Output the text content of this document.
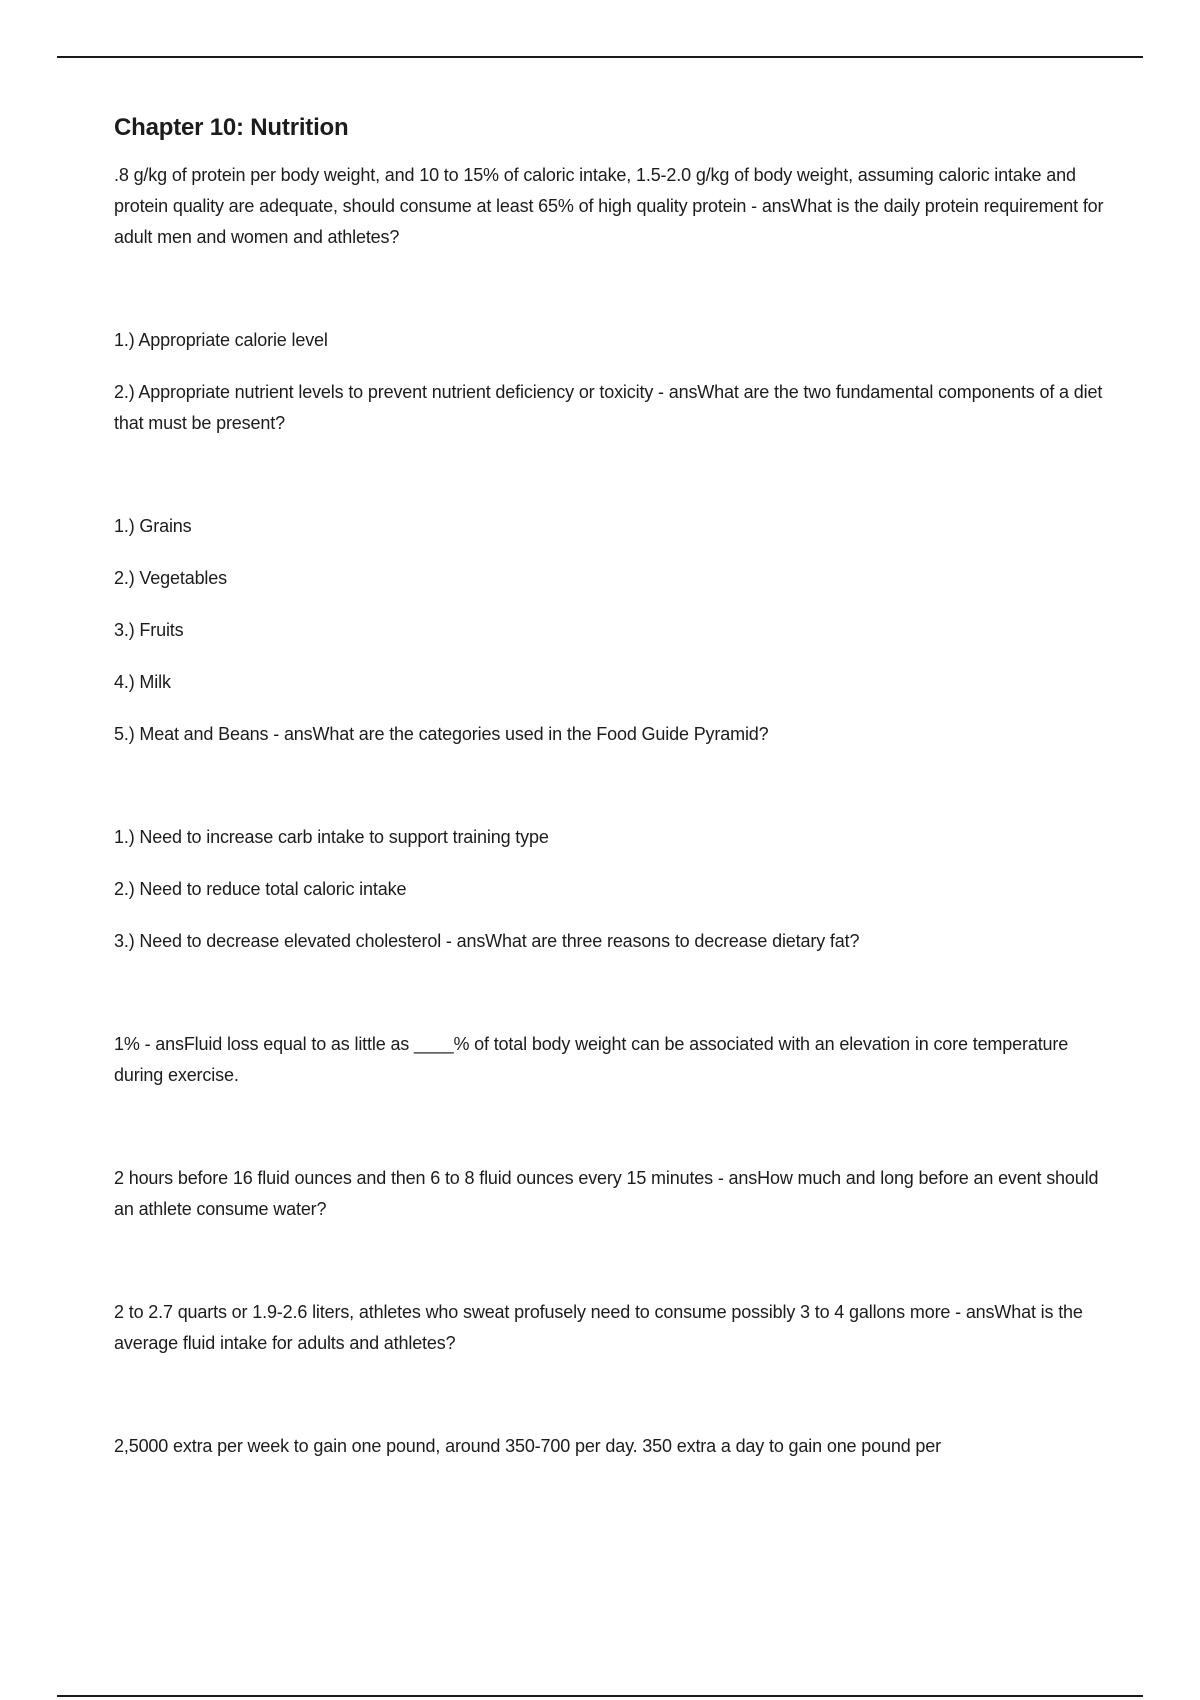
Chapter 10: Nutrition

.8 g/kg of protein per body weight, and 10 to 15% of caloric intake, 1.5-2.0 g/kg of body weight, assuming caloric intake and protein quality are adequate, should consume at least 65% of high quality protein - ansWhat is the daily protein requirement for adult men and women and athletes?

1.) Appropriate calorie level

2.) Appropriate nutrient levels to prevent nutrient deficiency or toxicity - ansWhat are the two fundamental components of a diet that must be present?

1.) Grains

2.) Vegetables

3.) Fruits

4.) Milk

5.) Meat and Beans - ansWhat are the categories used in the Food Guide Pyramid?

1.) Need to increase carb intake to support training type

2.) Need to reduce total caloric intake

3.) Need to decrease elevated cholesterol - ansWhat are three reasons to decrease dietary fat?

1% - ansFluid loss equal to as little as ____% of total body weight can be associated with an elevation in core temperature during exercise.

2 hours before 16 fluid ounces and then 6 to 8 fluid ounces every 15 minutes - ansHow much and long before an event should an athlete consume water?

2 to 2.7 quarts or 1.9-2.6 liters, athletes who sweat profusely need to consume possibly 3 to 4 gallons more - ansWhat is the average fluid intake for adults and athletes?

2,5000 extra per week to gain one pound, around 350-700 per day. 350 extra a day to gain one pound per
